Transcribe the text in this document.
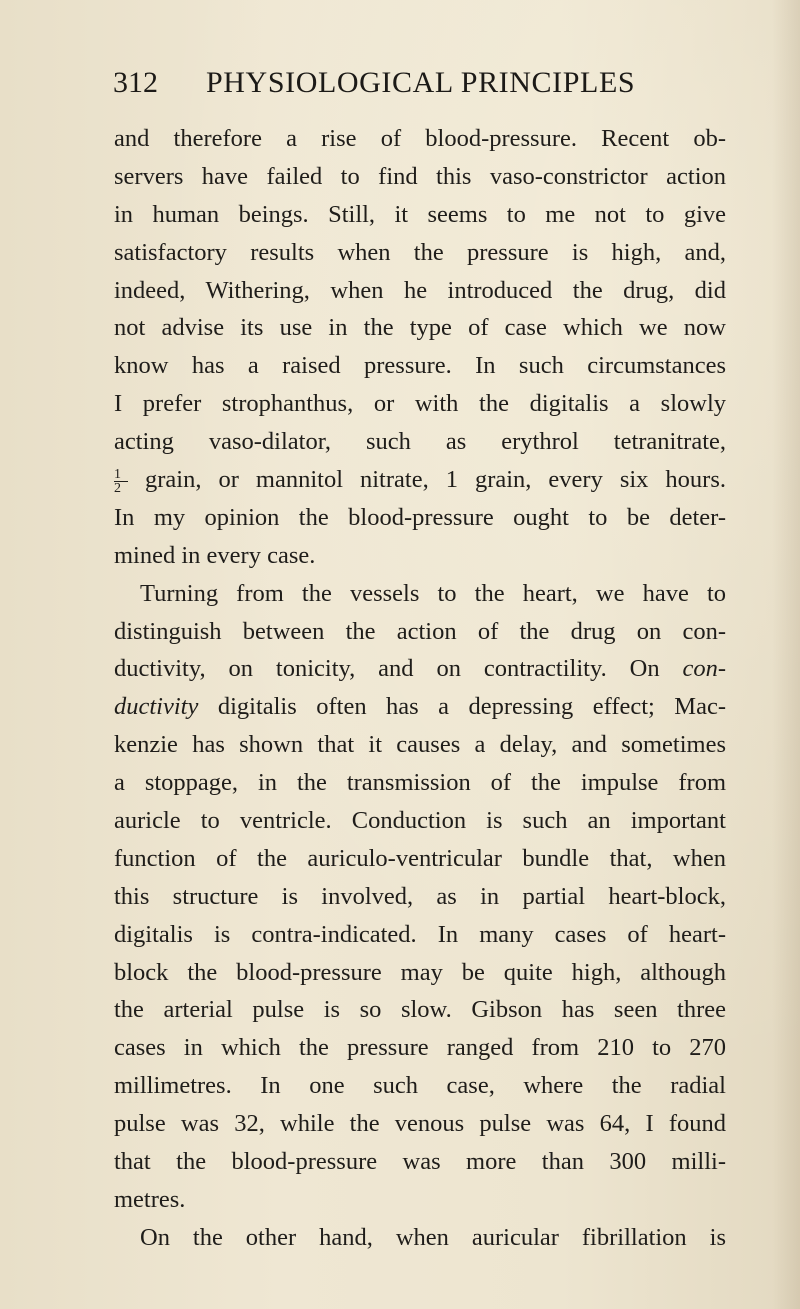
312 PHYSIOLOGICAL PRINCIPLES
and therefore a rise of blood-pressure. Recent ob-
servers have failed to find this vaso-constrictor action
in human beings. Still, it seems to me not to give
satisfactory results when the pressure is high, and,
indeed, Withering, when he introduced the drug, did
not advise its use in the type of case which we now
know has a raised pressure. In such circumstances
I prefer strophanthus, or with the digitalis a slowly
acting vaso-dilator, such as erythrol tetranitrate,
$\frac{1}{2}$ grain, or mannitol nitrate, 1 grain, every six hours.
In my opinion the blood-pressure ought to be deter-
mined in every case.
Turning from the vessels to the heart, we have to
distinguish between the action of the drug on con-
ductivity, on tonicity, and on contractility. On con-
ductivity digitalis often has a depressing effect; Mac-
kenzie has shown that it causes a delay, and sometimes
a stoppage, in the transmission of the impulse from
auricle to ventricle. Conduction is such an important
function of the auriculo-ventricular bundle that, when
this structure is involved, as in partial heart-block,
digitalis is contra-indicated. In many cases of heart-
block the blood-pressure may be quite high, although
the arterial pulse is so slow. Gibson has seen three
cases in which the pressure ranged from 210 to 270
millimetres. In one such case, where the radial
pulse was 32, while the venous pulse was 64, I found
that the blood-pressure was more than 300 milli-
metres.
On the other hand, when auricular fibrillation is
